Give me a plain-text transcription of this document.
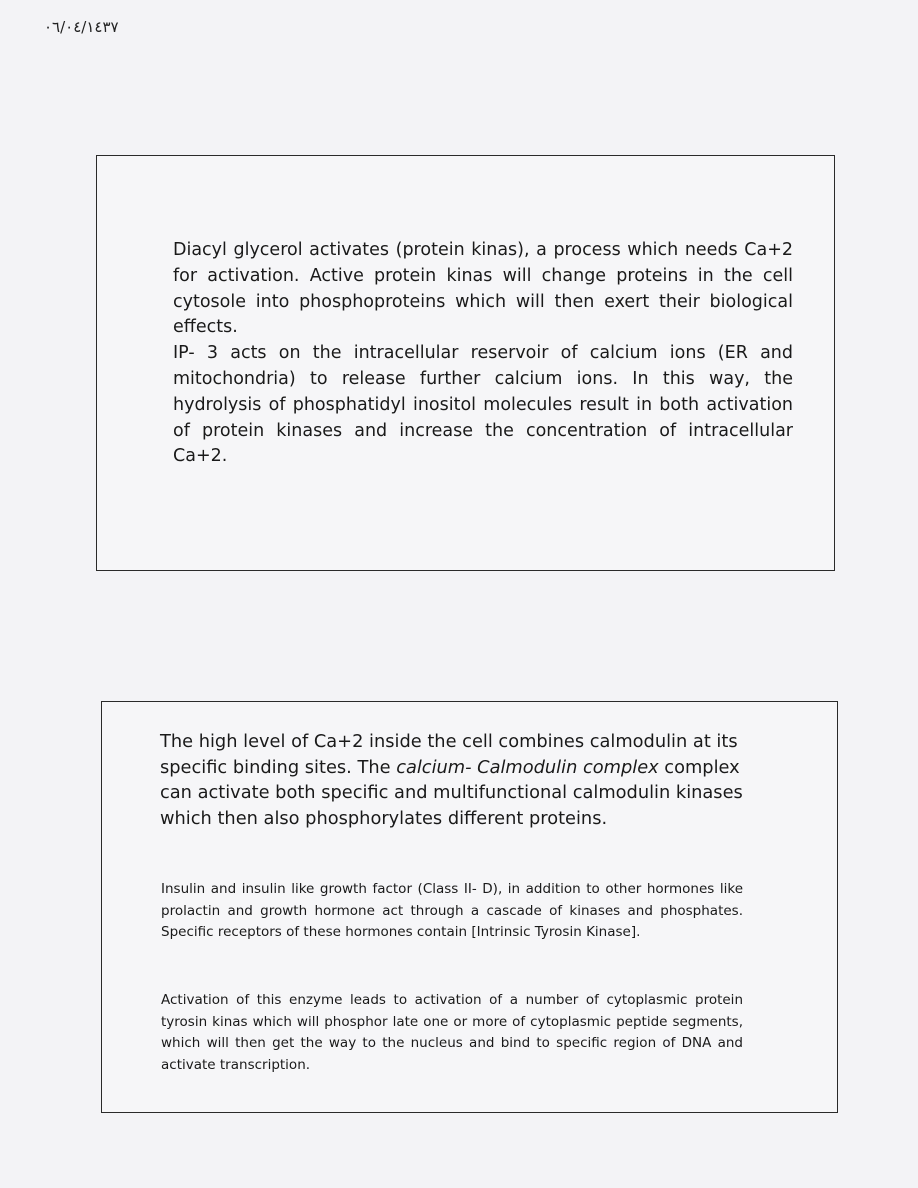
٠٦/٠٤/١٤٣٧

Diacyl glycerol activates (protein kinas), a process which needs Ca+2 for activation. Active protein kinas will change proteins in the cell cytosole into phosphoproteins which will then exert their biological effects.

IP- 3 acts on the intracellular reservoir of calcium ions (ER and mitochondria) to release further calcium ions. In this way, the hydrolysis of phosphatidyl inositol molecules result in both activation of protein kinases and increase the concentration of intracellular Ca+2.

The high level of Ca+2 inside the cell combines calmodulin at its specific binding sites. The calcium- Calmodulin complex complex can activate both specific and multifunctional calmodulin kinases which then also phosphorylates different proteins.

Insulin and insulin like growth factor (Class II- D), in addition to other hormones like prolactin and growth hormone act through a cascade of kinases and phosphates. Specific receptors of these hormones contain [Intrinsic Tyrosin Kinase].

Activation of this enzyme leads to activation of a number of cytoplasmic protein tyrosin kinas which will phosphor late one or more of cytoplasmic peptide segments, which will then get the way to the nucleus and bind to specific region of DNA and activate transcription.
